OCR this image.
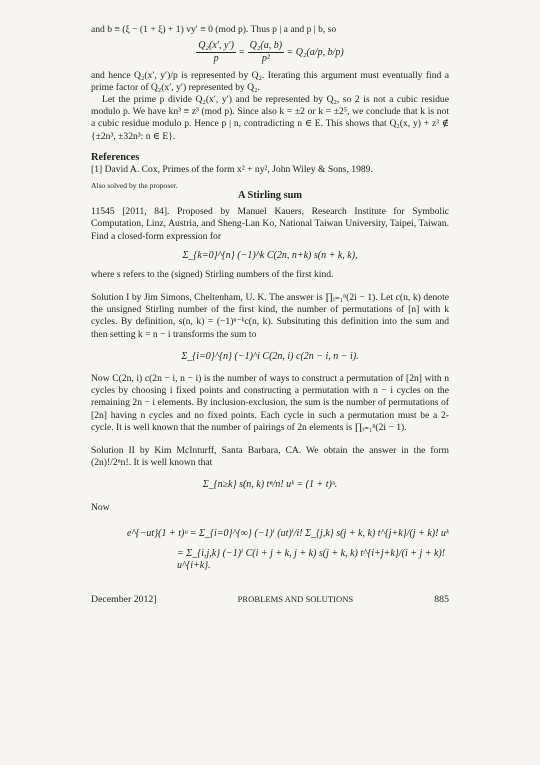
and b ≡ (ξ − (1 + ξ) + 1) vy′ ≡ 0 (mod p). Thus p | a and p | b, so

$\frac{\text{Q₂(x′, y′)}}{p} = \frac{\text{Q₂(a, b)}}{\text{p²}} = Q_2(a/p$, b/p)

and hence Q₂(x′, y′)/p is represented by Q₂. Iterating this argument must eventually find a prime factor of Q₂(x′, y′) represented by Q₂.

Let the prime p divide Q₂(x′, y′) and be represented by Q₂, so 2 is not a cubic residue modulo p. We have kn³ ≡ z³ (mod p). Since also k = ±2 or k = ±2⁵, we conclude that k is not a cubic residue modulo p. Hence p | n, contradicting n ∈ E. This shows that Q₂(x, y) + z³ ∉ {±2n³, ±32n³: n ∈ E}.

References

[1] David A. Cox, Primes of the form x² + ny², John Wiley & Sons, 1989.

Also solved by the proposer.

A Stirling sum

11545 [2011, 84]. Proposed by Manuel Kauers, Research Institute for Symbolic Computation, Linz, Austria, and Sheng-Lan Ko, National Taiwan University, Taipei, Taiwan. Find a closed-form expression for

Σ_{k=0}^{n} (−1)^k C(2n, n+k) s(n + k, k),

where s refers to the (signed) Stirling numbers of the first kind.

Solution I by Jim Simons, Cheltenham, U. K. The answer is ∏ᵢ₌₁ⁿ(2i − 1). Let c(n, k) denote the unsigned Stirling number of the first kind, the number of permutations of [n] with k cycles. By definition, s(n, k) = (−1)ⁿ⁻ᵏc(n, k). Subsituting this definition into the sum and then setting k = n − i transforms the sum to

Σ_{i=0}^{n} (−1)^i C(2n, i) c(2n − i, n − i).

Now C(2n, i) c(2n − i, n − i) is the number of ways to construct a permutation of [2n] with n cycles by choosing i fixed points and constructing a permutation with n − i cycles on the remaining 2n − i elements. By inclusion-exclusion, the sum is the number of permutations of [2n] having n cycles and no fixed points. Each cycle in such a permutation must be a 2-cycle. It is well known that the number of pairings of 2n elements is ∏ᵢ₌₁ⁿ(2i − 1).

Solution II by Kim McInturff, Santa Barbara, CA. We obtain the answer in the form (2n)!/2ⁿn!. It is well known that

Σ_{n≥k} s(n, k) tⁿ/n! uᵏ = (1 + t)ᵘ.

Now

e^{−ut}(1 + t)ᵘ = Σ_{i=0}^{∞} (−1)ⁱ (ut)ⁱ/i! Σ_{j,k} s(j + k, k) t^{j+k}/(j + k)! uᵏ
= Σ_{i,j,k} (−1)ⁱ C(i + j + k, j + k) s(j + k, k) t^{i+j+k}/(i + j + k)! u^{i+k}.
December 2012]	PROBLEMS AND SOLUTIONS	885
